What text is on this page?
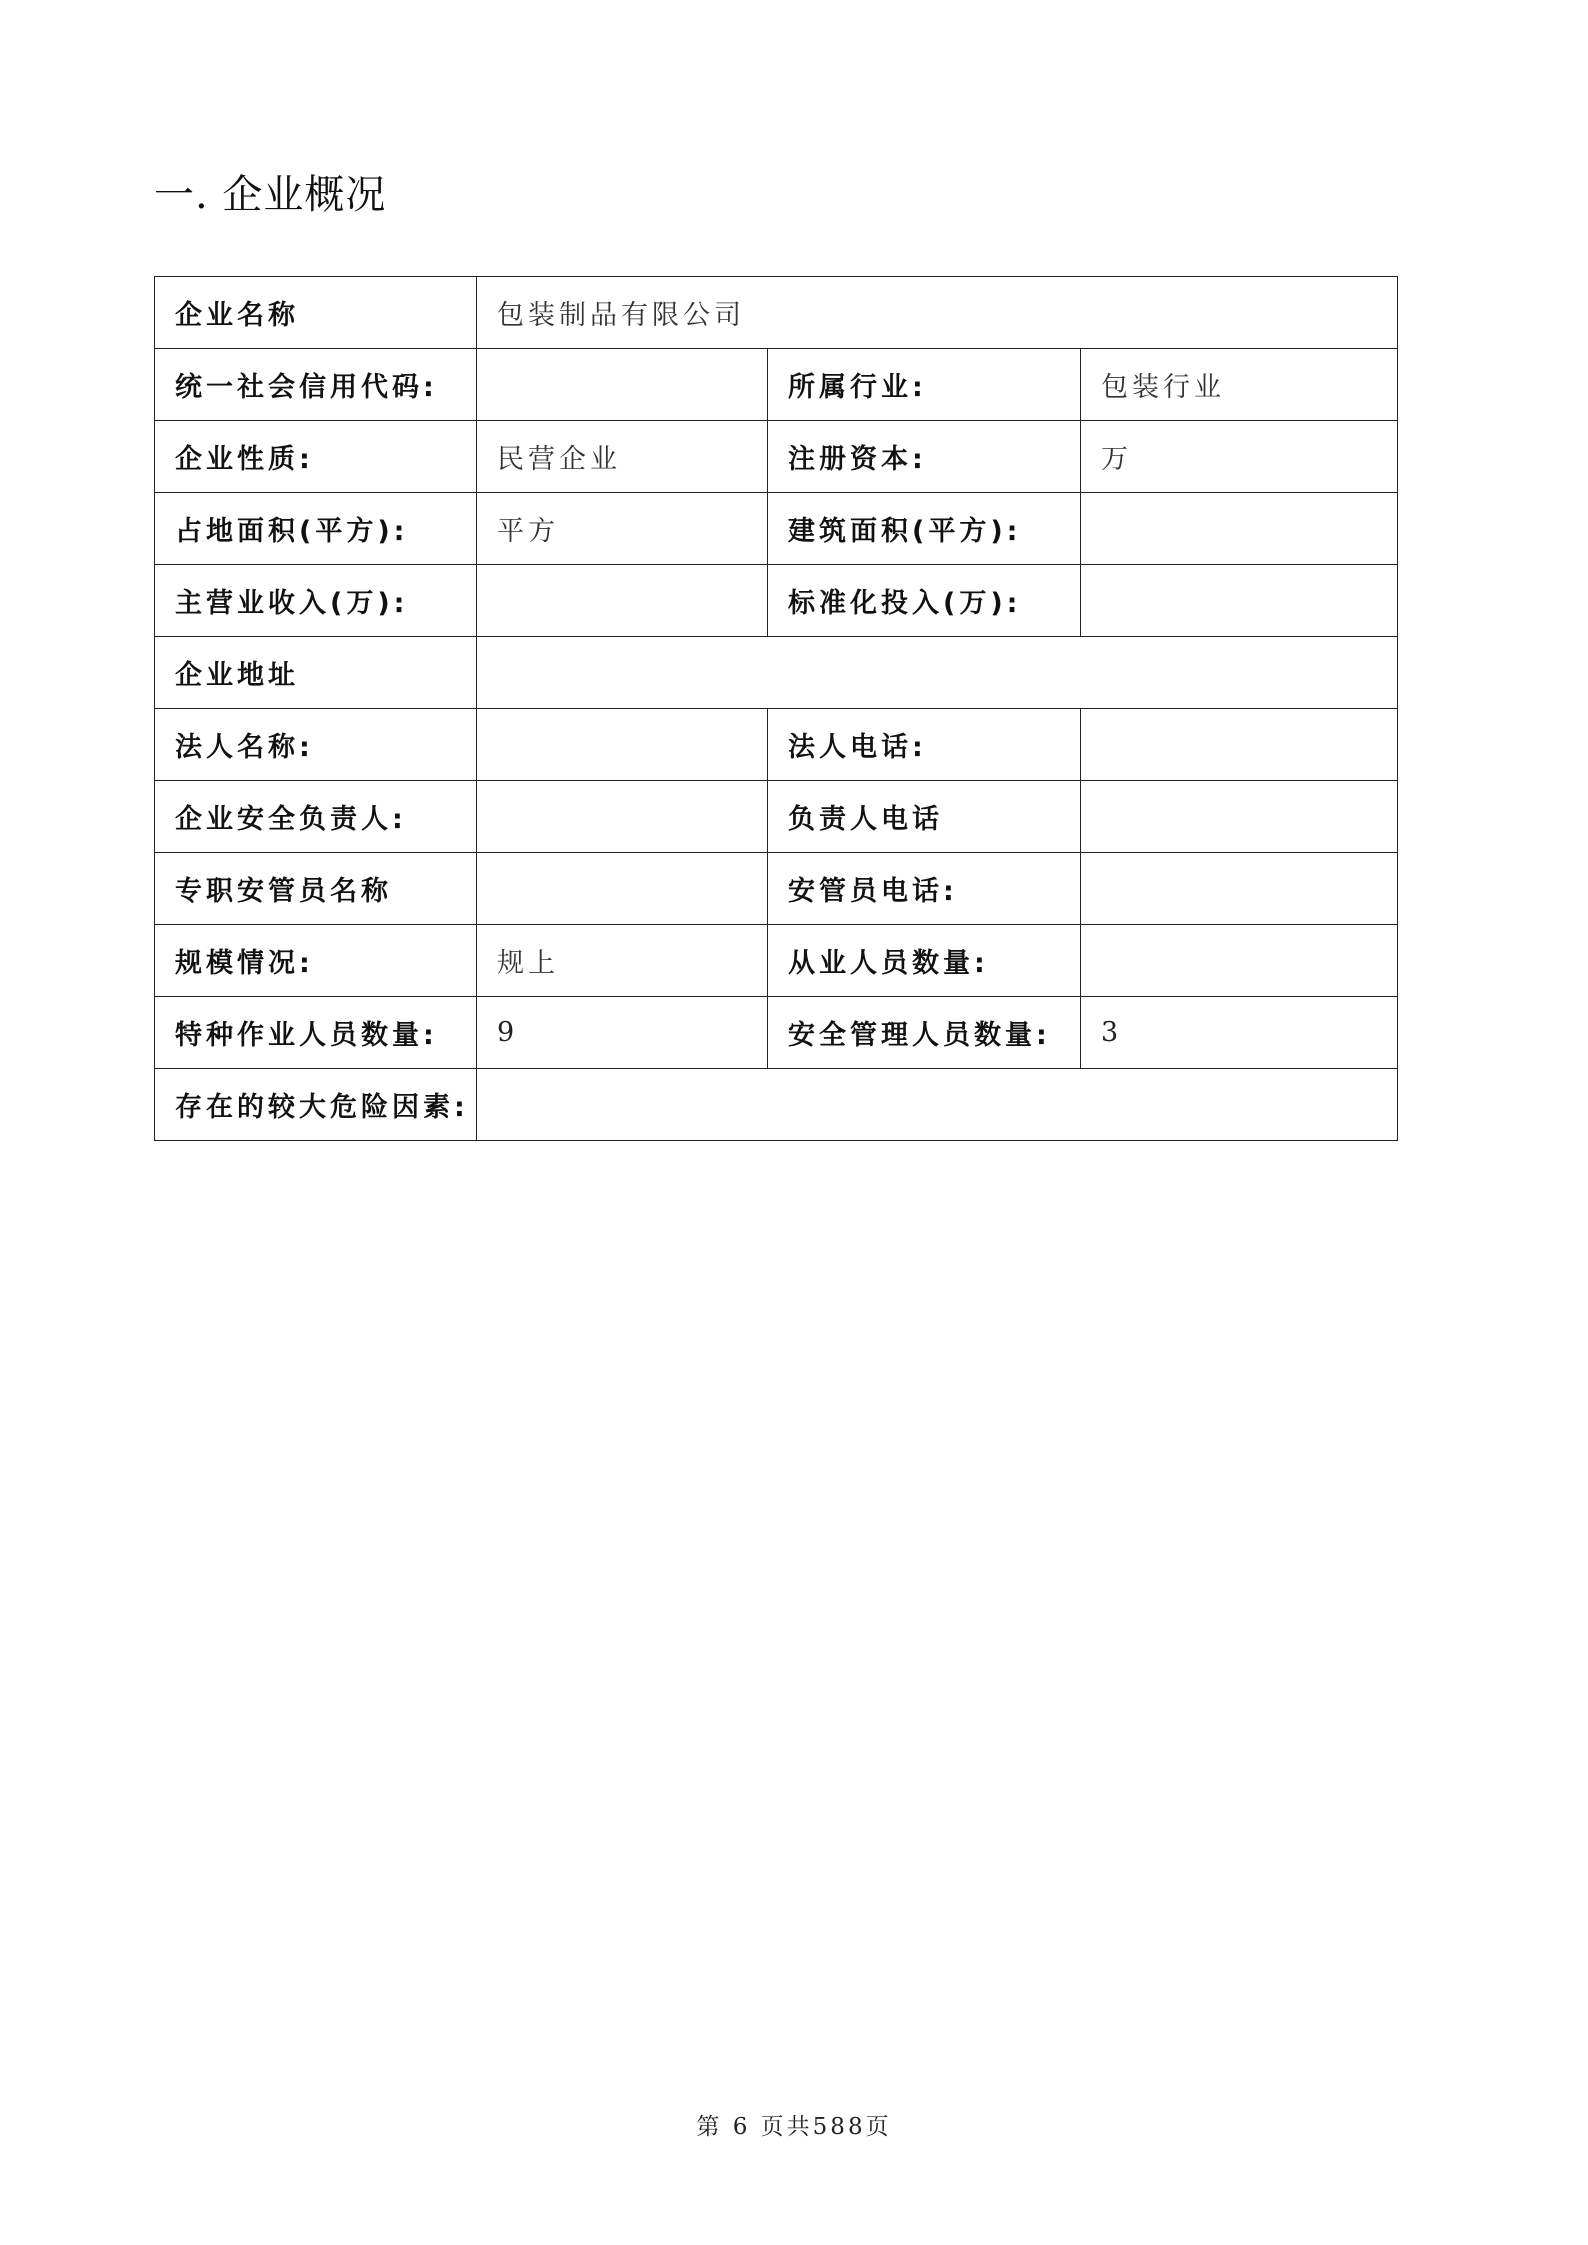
一. 企业概况
企业名称	包装制品有限公司		
统一社会信用代码:		所属行业:	包装行业
企业性质:	民营企业	注册资本:	万
占地面积(平方):	平方	建筑面积(平方):	
主营业收入(万):		标准化投入(万):	
企业地址			
法人名称:		法人电话:	
企业安全负责人:		负责人电话	
专职安管员名称		安管员电话:	
规模情况:	规上	从业人员数量:	
特种作业人员数量:	9	安全管理人员数量:	3
存在的较大危险因素:			
第 6 页共588页
